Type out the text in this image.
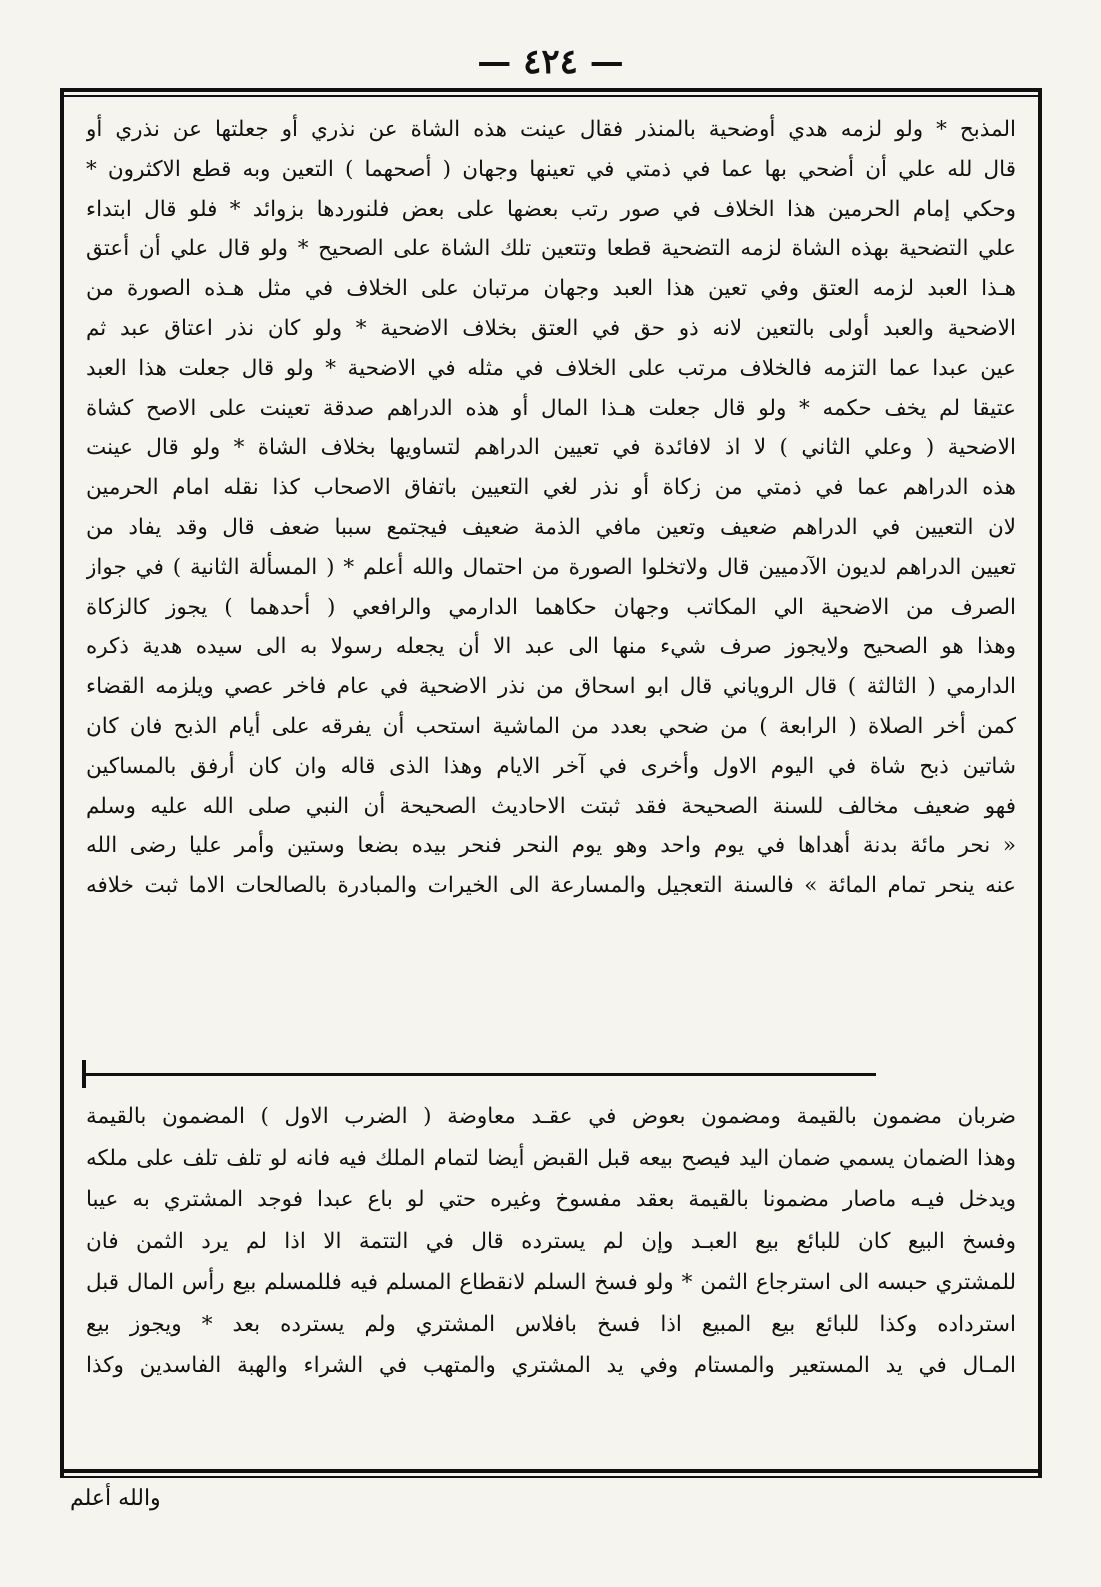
— ٤٢٤ —
المذبح * ولو لزمه هدي أوضحية بالمنذر فقال عينت هذه الشاة عن نذري أو جعلتها عن نذري أو
قال لله علي أن أضحي بها عما في ذمتي في تعينها وجهان ( أصحهما ) التعين وبه قطع الاكثرون *
وحكي إمام الحرمين هذا الخلاف في صور رتب بعضها على بعض فلنوردها بزوائد * فلو قال ابتداء
علي التضحية بهذه الشاة لزمه التضحية قطعا وتتعين تلك الشاة على الصحيح * ولو قال علي أن أعتق
هـذا العبد لزمه العتق وفي تعين هذا العبد وجهان مرتبان على الخلاف في مثل هـذه الصورة من
الاضحية والعبد أولى بالتعين لانه ذو حق في العتق بخلاف الاضحية * ولو كان نذر اعتاق عبد ثم
عين عبدا عما التزمه فالخلاف مرتب على الخلاف في مثله في الاضحية * ولو قال جعلت هذا العبد
عتيقا لم يخف حكمه * ولو قال جعلت هـذا المال أو هذه الدراهم صدقة تعينت على الاصح كشاة
الاضحية ( وعلي الثاني ) لا اذ لافائدة في تعيين الدراهم لتساويها بخلاف الشاة * ولو قال عينت
هذه الدراهم عما في ذمتي من زكاة أو نذر لغي التعيين باتفاق الاصحاب كذا نقله امام الحرمين
لان التعيين في الدراهم ضعيف وتعين مافي الذمة ضعيف فيجتمع سببا ضعف قال وقد يفاد من
تعيين الدراهم لديون الآدميين قال ولاتخلوا الصورة من احتمال والله أعلم * ( المسألة الثانية ) في جواز
الصرف من الاضحية الي المكاتب وجهان حكاهما الدارمي والرافعي ( أحدهما ) يجوز كالزكاة
وهذا هو الصحيح ولايجوز صرف شيء منها الى عبد الا أن يجعله رسولا به الى سيده هدية ذكره
الدارمي ( الثالثة ) قال الروياني قال ابو اسحاق من نذر الاضحية في عام فاخر عصي ويلزمه القضاء
كمن أخر الصلاة ( الرابعة ) من ضحي بعدد من الماشية استحب أن يفرقه على أيام الذبح فان كان
شاتين ذبح شاة في اليوم الاول وأخرى في آخر الايام وهذا الذى قاله وان كان أرفق بالمساكين
فهو ضعيف مخالف للسنة الصحيحة فقد ثبتت الاحاديث الصحيحة أن النبي صلى الله عليه وسلم
« نحر مائة بدنة أهداها في يوم واحد وهو يوم النحر فنحر بيده بضعا وستين وأمر عليا رضى الله
عنه ينحر تمام المائة » فالسنة التعجيل والمسارعة الى الخيرات والمبادرة بالصالحات الاما ثبت خلافه
ضربان مضمون بالقيمة ومضمون بعوض في عقـد معاوضة ( الضرب الاول ) المضمون بالقيمة
وهذا الضمان يسمي ضمان اليد فيصح بيعه قبل القبض أيضا لتمام الملك فيه فانه لو تلف تلف على ملكه
ويدخل فيـه ماصار مضمونا بالقيمة بعقد مفسوخ وغيره حتي لو باع عبدا فوجد المشتري به عيبا
وفسخ البيع كان للبائع بيع العبـد وإن لم يسترده قال في التتمة الا اذا لم يرد الثمن فان
للمشتري حبسه الى استرجاع الثمن * ولو فسخ السلم لانقطاع المسلم فيه فللمسلم بيع رأس المال قبل
استرداده وكذا للبائع بيع المبيع اذا فسخ بافلاس المشتري ولم يسترده بعد * ويجوز بيع
المـال في يد المستعير والمستام وفي يد المشتري والمتهب في الشراء والهبة الفاسدين وكذا
والله أعلم
